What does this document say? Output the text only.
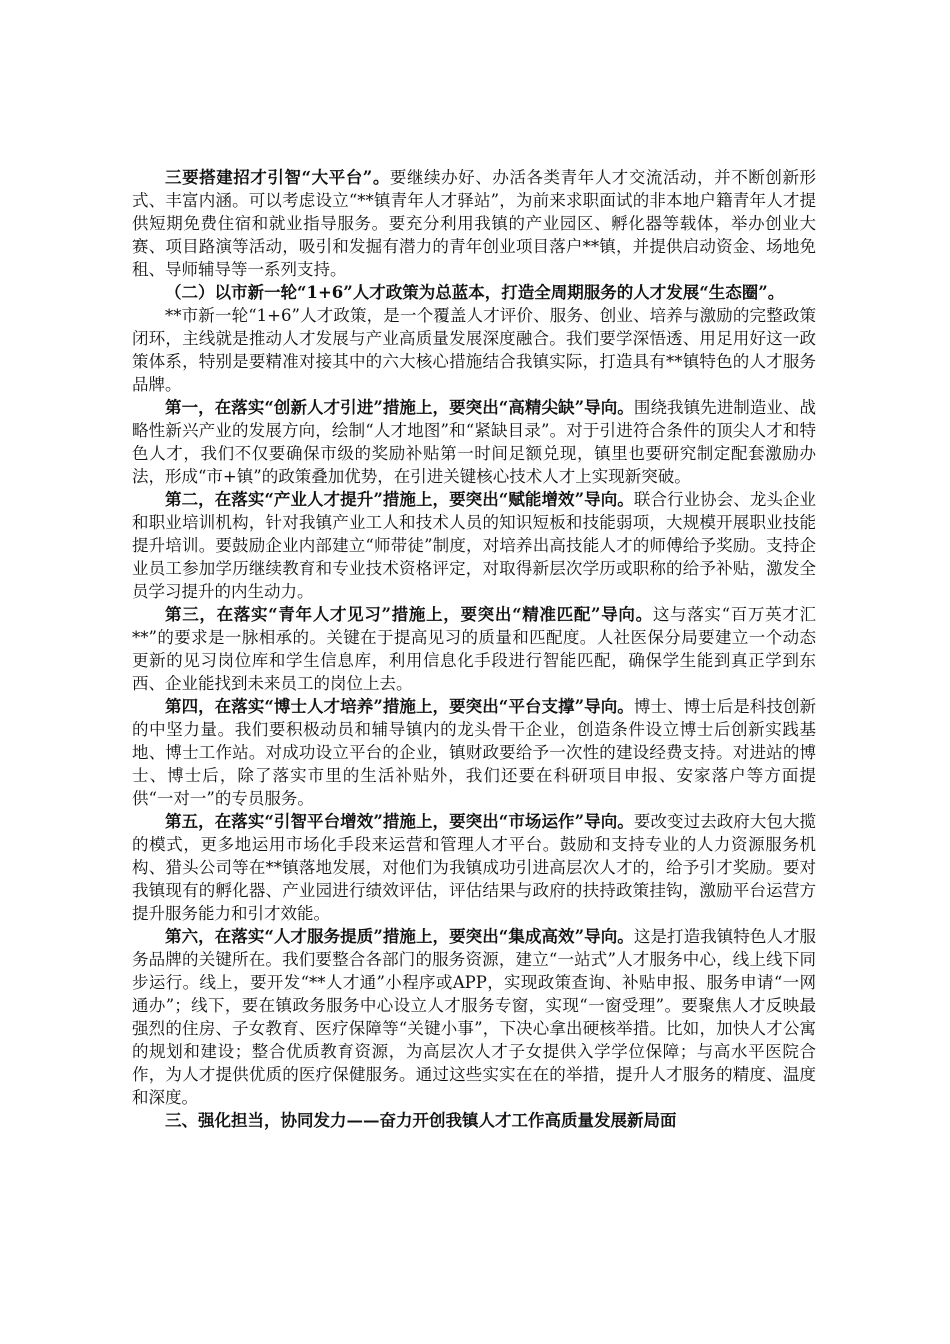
三要搭建招才引智“大平台”。要继续办好、办活各类青年人才交流活动，并不断创新形式、丰富内涵。可以考虑设立“**镇青年人才驿站”，为前来求职面试的非本地户籍青年人才提供短期免费住宿和就业指导服务。要充分利用我镇的产业园区、孵化器等载体，举办创业大赛、项目路演等活动，吸引和发掘有潜力的青年创业项目落户**镇，并提供启动资金、场地免租、导师辅导等一系列支持。

（二）以市新一轮“1+6”人才政策为总蓝本，打造全周期服务的人才发展“生态圈”。

**市新一轮“1+6”人才政策，是一个覆盖人才评价、服务、创业、培养与激励的完整政策闭环，主线就是推动人才发展与产业高质量发展深度融合。我们要学深悟透、用足用好这一政策体系，特别是要精准对接其中的六大核心措施结合我镇实际，打造具有**镇特色的人才服务品牌。

第一，在落实“创新人才引进”措施上，要突出“高精尖缺”导向。围绕我镇先进制造业、战略性新兴产业的发展方向，绘制“人才地图”和“紧缺目录”。对于引进符合条件的顶尖人才和特色人才，我们不仅要确保市级的奖励补贴第一时间足额兑现，镇里也要研究制定配套激励办法，形成“市+镇”的政策叠加优势，在引进关键核心技术人才上实现新突破。

第二，在落实“产业人才提升”措施上，要突出“赋能增效”导向。联合行业协会、龙头企业和职业培训机构，针对我镇产业工人和技术人员的知识短板和技能弱项，大规模开展职业技能提升培训。要鼓励企业内部建立“师带徒”制度，对培养出高技能人才的师傅给予奖励。支持企业员工参加学历继续教育和专业技术资格评定，对取得新层次学历或职称的给予补贴，激发全员学习提升的内生动力。

第三，在落实“青年人才见习”措施上，要突出“精准匹配”导向。这与落实“百万英才汇**”的要求是一脉相承的。关键在于提高见习的质量和匹配度。人社医保分局要建立一个动态更新的见习岗位库和学生信息库，利用信息化手段进行智能匹配，确保学生能到真正学到东西、企业能找到未来员工的岗位上去。

第四，在落实“博士人才培养”措施上，要突出“平台支撑”导向。博士、博士后是科技创新的中坚力量。我们要积极动员和辅导镇内的龙头骨干企业，创造条件设立博士后创新实践基地、博士工作站。对成功设立平台的企业，镇财政要给予一次性的建设经费支持。对进站的博士、博士后，除了落实市里的生活补贴外，我们还要在科研项目申报、安家落户等方面提供“一对一”的专员服务。

第五，在落实“引智平台增效”措施上，要突出“市场运作”导向。要改变过去政府大包大揽的模式，更多地运用市场化手段来运营和管理人才平台。鼓励和支持专业的人力资源服务机构、猎头公司等在**镇落地发展，对他们为我镇成功引进高层次人才的，给予引才奖励。要对我镇现有的孵化器、产业园进行绩效评估，评估结果与政府的扶持政策挂钩，激励平台运营方提升服务能力和引才效能。

第六，在落实“人才服务提质”措施上，要突出“集成高效”导向。这是打造我镇特色人才服务品牌的关键所在。我们要整合各部门的服务资源，建立“一站式”人才服务中心，线上线下同步运行。线上，要开发“**人才通”小程序或APP，实现政策查询、补贴申报、服务申请“一网通办”；线下，要在镇政务服务中心设立人才服务专窗，实现“一窗受理”。要聚焦人才反映最强烈的住房、子女教育、医疗保障等“关键小事”，下决心拿出硬核举措。比如，加快人才公寓的规划和建设；整合优质教育资源，为高层次人才子女提供入学学位保障；与高水平医院合作，为人才提供优质的医疗保健服务。通过这些实实在在的举措，提升人才服务的精度、温度和深度。

三、强化担当，协同发力——奋力开创我镇人才工作高质量发展新局面
